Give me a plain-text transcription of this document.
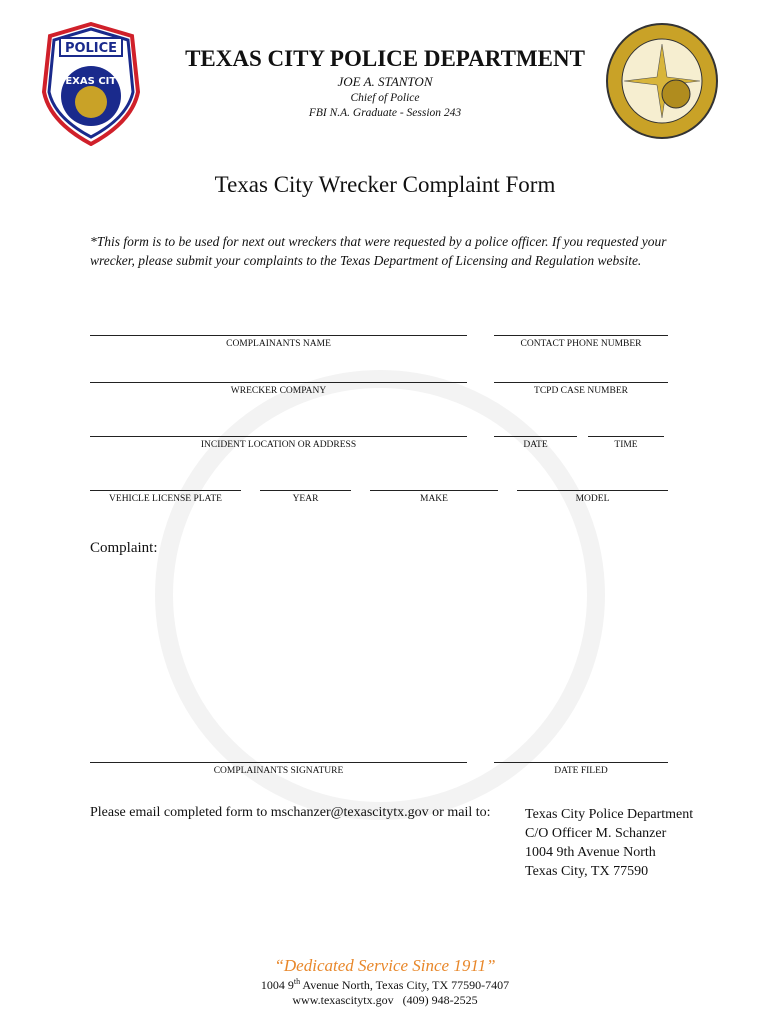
POLICE
TEXAS CITY
TEXAS CITY POLICE DEPARTMENT
JOE A. STANTON
Chief of Police
FBI N.A. Graduate - Session 243
Texas City Wrecker Complaint Form
*This form is to be used for next out wreckers that were requested by a police officer. If you requested your wrecker, please submit your complaints to the Texas Department of Licensing and Regulation website.
COMPLAINANTS NAME	CONTACT PHONE NUMBER
WRECKER COMPANY	TCPD CASE NUMBER
INCIDENT LOCATION OR ADDRESS	DATE	TIME
VEHICLE LICENSE PLATE	YEAR	MAKE	MODEL
Complaint:
COMPLAINANTS SIGNATURE	DATE FILED
Please email completed form to mschanzer@texascitytx.gov or mail to: Texas City Police Department
C/O Officer M. Schanzer
1004 9th Avenue North
Texas City, TX 77590
“Dedicated Service Since 1911”
1004 9th Avenue North, Texas City, TX 77590-7407
www.texascitytx.gov (409) 948-2525
